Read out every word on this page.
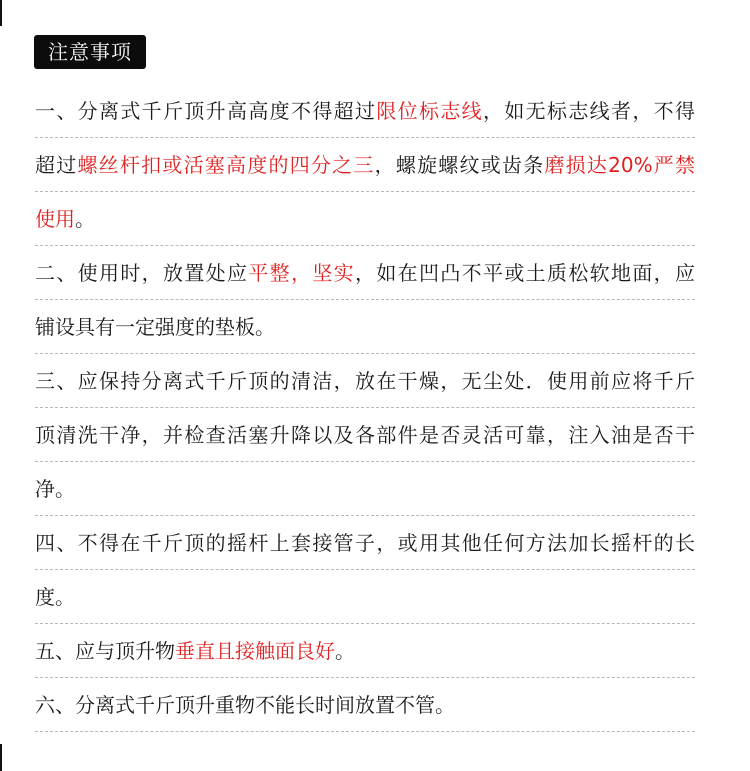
注意事项
一、分离式千斤顶升高高度不得超过限位标志线，如无标志线者，不得
超过螺丝杆扣或活塞高度的四分之三，螺旋螺纹或齿条磨损达20%严禁
使用。
二、使用时，放置处应平整，坚实，如在凹凸不平或土质松软地面，应
铺设具有一定强度的垫板。
三、应保持分离式千斤顶的清洁，放在干燥，无尘处．使用前应将千斤
顶清洗干净，并检查活塞升降以及各部件是否灵活可靠，注入油是否干
净。
四、不得在千斤顶的摇杆上套接管子，或用其他任何方法加长摇杆的长
度。
五、应与顶升物垂直且接触面良好。
六、分离式千斤顶升重物不能长时间放置不管。
